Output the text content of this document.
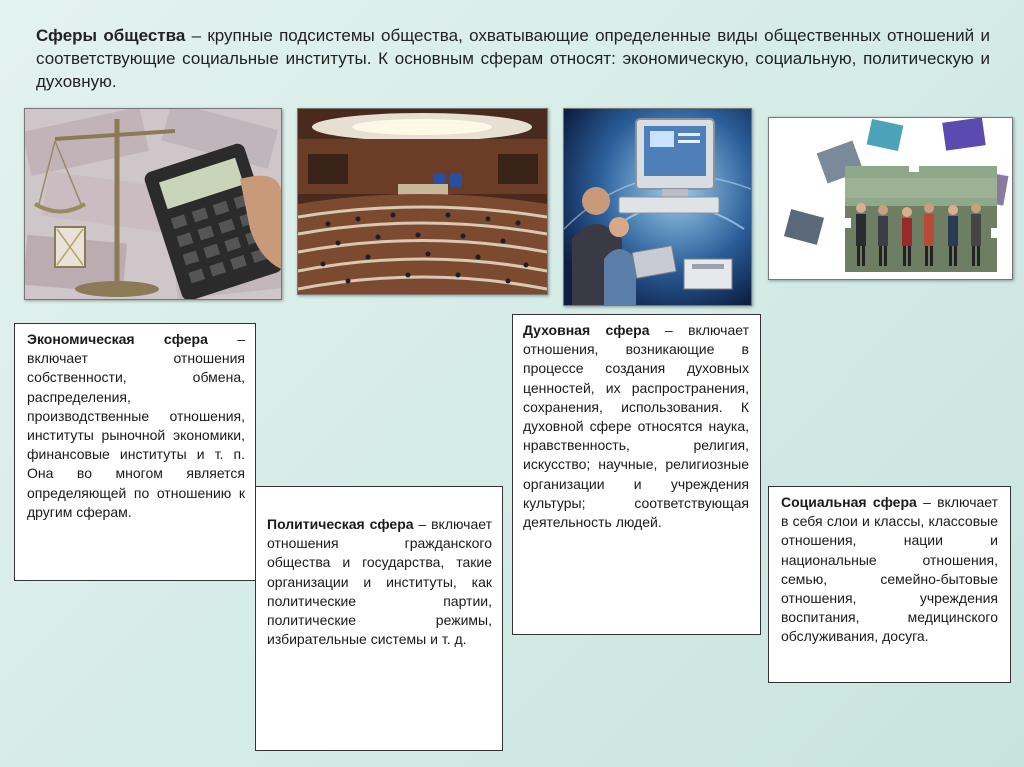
Сферы общества – крупные подсистемы общества, охватывающие определенные виды общественных отношений и соответствующие социальные институты. К основным сферам относят: экономическую, социальную, политическую и духовную.

Экономическая сфера – включает отношения собственности, обмена, распределения, производственные отношения, институты рыночной экономики, финансовые институты и т. п. Она во многом является определяющей по отношению к другим сферам.
Политическая сфера – включает отношения гражданского общества и государства, такие организации и институты, как политические партии, политические режимы, избирательные системы и т. д.
Духовная сфера – включает отношения, возникающие в процессе создания духовных ценностей, их распространения, сохранения, использования. К духовной сфере относятся наука, нравственность, религия, искусство; научные, религиозные организации и учреждения культуры; соответствующая деятельность людей.
Социальная сфера – включает в себя слои и классы, классовые отношения, нации и национальные отношения, семью, семейно-бытовые отношения, учреждения воспитания, медицинского обслуживания, досуга.
